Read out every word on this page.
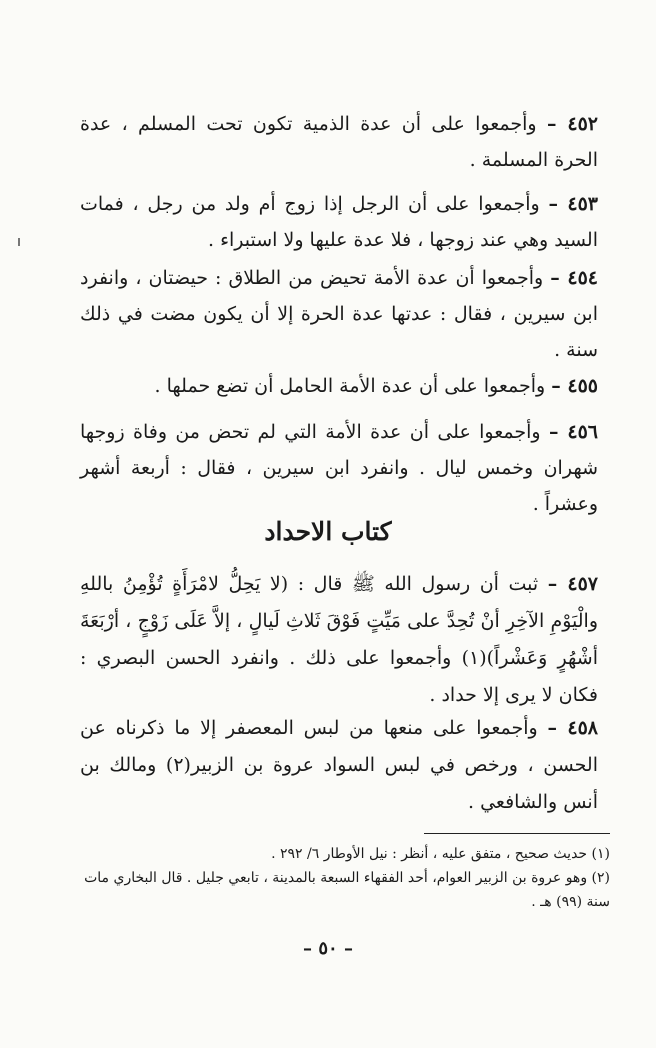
٤٥٢ – وأجمعوا على أن عدة الذمية تكون تحت المسلم ، عدة الحرة المسلمة .
٤٥٣ – وأجمعوا على أن الرجل إذا زوج أم ولد من رجل ، فمات السيد وهي عند زوجها ، فلا عدة عليها ولا استبراء .
٤٥٤ – وأجمعوا أن عدة الأمة تحيض من الطلاق : حيضتان ، وانفرد ابن سيرين ، فقال : عدتها عدة الحرة إلا أن يكون مضت في ذلك سنة .
٤٥٥ – وأجمعوا على أن عدة الأمة الحامل أن تضع حملها .
٤٥٦ – وأجمعوا على أن عدة الأمة التي لم تحض من وفاة زوجها شهران وخمس ليال . وانفرد ابن سيرين ، فقال : أربعة أشهر وعشراً .
كتاب الاحداد
٤٥٧ – ثبت أن رسول الله ﷺ قال : (لا يَحِلُّ لامْرَأَةٍ تُؤْمِنُ باللهِ والْيَوْمِ الآخِرِ أنْ تُحِدَّ على مَيِّتٍ فَوْقَ ثَلاثِ لَيالٍ ، إلاَّ عَلَى زَوْجٍ ، أرْبَعَةَ أشْهُرٍ وَعَشْراً)(١) وأجمعوا على ذلك . وانفرد الحسن البصري : فكان لا يرى إلا حداد .
٤٥٨ – وأجمعوا على منعها من لبس المعصفر إلا ما ذكرناه عن الحسن ، ورخص في لبس السواد عروة بن الزبير(٢) ومالك بن أنس والشافعي .

(١) حديث صحيح ، متفق عليه ، أنظر : نيل الأوطار ٦/ ٢٩٢ .

(٢) وهو عروة بن الزبير العوام، أحد الفقهاء السبعة بالمدينة ، تابعي جليل . قال البخاري مات سنة (٩٩) هـ .

– ٥٠ –
